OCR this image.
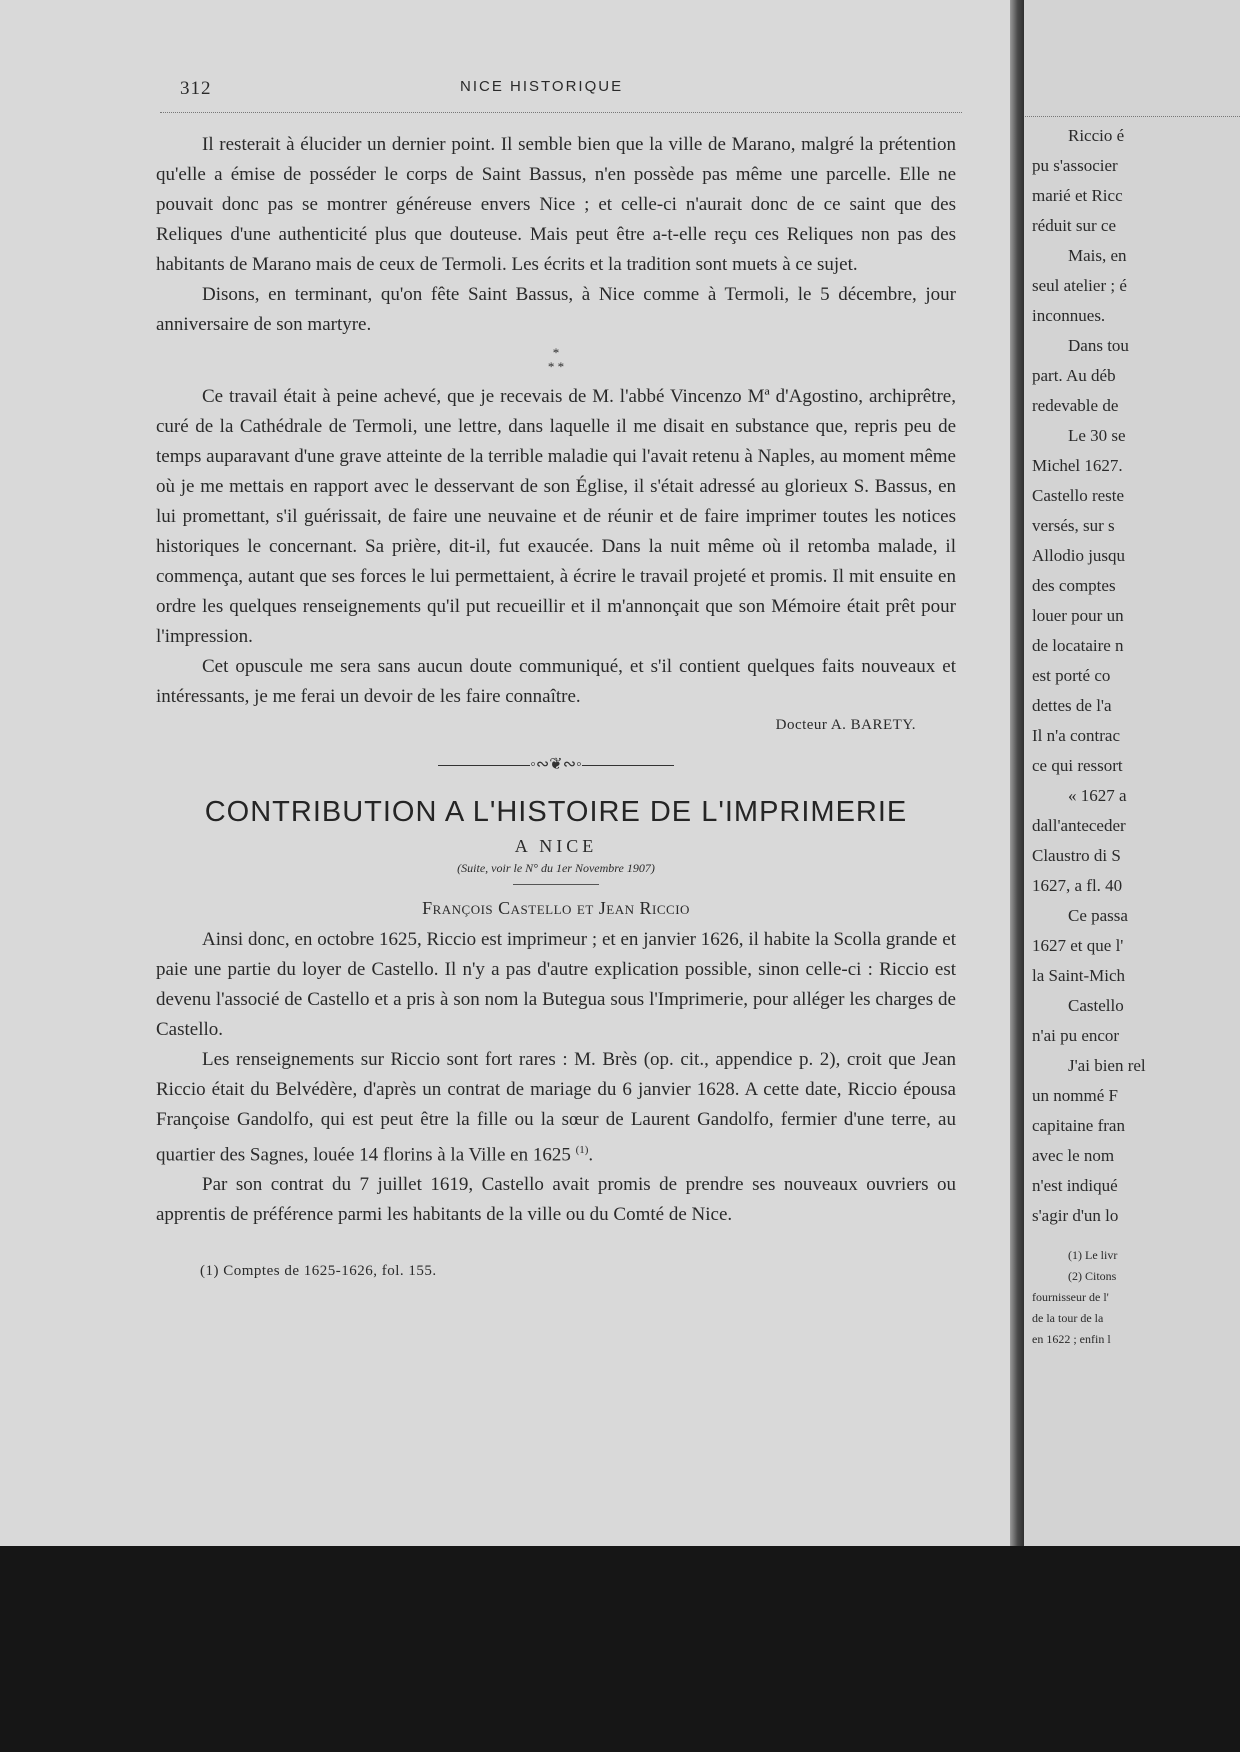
312	NICE HISTORIQUE

Il resterait à élucider un dernier point. Il semble bien que la ville de Marano, malgré la prétention qu'elle a émise de posséder le corps de Saint Bassus, n'en possède pas même une parcelle. Elle ne pouvait donc pas se montrer généreuse envers Nice ; et celle-ci n'aurait donc de ce saint que des Reliques d'une authenticité plus que douteuse. Mais peut être a-t-elle reçu ces Reliques non pas des habitants de Marano mais de ceux de Termoli. Les écrits et la tradition sont muets à ce sujet.

Disons, en terminant, qu'on fête Saint Bassus, à Nice comme à Termoli, le 5 décembre, jour anniversaire de son martyre.

*
* *

Ce travail était à peine achevé, que je recevais de M. l'abbé Vincenzo Mª d'Agostino, archiprêtre, curé de la Cathédrale de Termoli, une lettre, dans laquelle il me disait en substance que, repris peu de temps auparavant d'une grave atteinte de la terrible maladie qui l'avait retenu à Naples, au moment même où je me mettais en rapport avec le desservant de son Église, il s'était adressé au glorieux S. Bassus, en lui promettant, s'il guérissait, de faire une neuvaine et de réunir et de faire imprimer toutes les notices historiques le concernant. Sa prière, dit-il, fut exaucée. Dans la nuit même où il retomba malade, il commença, autant que ses forces le lui permettaient, à écrire le travail projeté et promis. Il mit ensuite en ordre les quelques renseignements qu'il put recueillir et il m'annonçait que son Mémoire était prêt pour l'impression.

Cet opuscule me sera sans aucun doute communiqué, et s'il contient quelques faits nouveaux et intéressants, je me ferai un devoir de les faire connaître.

Docteur A. BARETY.
◦∾❦∾◦
CONTRIBUTION A L'HISTOIRE DE L'IMPRIMERIE
A NICE
(Suite, voir le N° du 1er Novembre 1907)
François Castello et Jean Riccio

Ainsi donc, en octobre 1625, Riccio est imprimeur ; et en janvier 1626, il habite la Scolla grande et paie une partie du loyer de Castello. Il n'y a pas d'autre explication possible, sinon celle-ci : Riccio est devenu l'associé de Castello et a pris à son nom la Butegua sous l'Imprimerie, pour alléger les charges de Castello.

Les renseignements sur Riccio sont fort rares : M. Brès (op. cit., appendice p. 2), croit que Jean Riccio était du Belvédère, d'après un contrat de mariage du 6 janvier 1628. A cette date, Riccio épousa Françoise Gandolfo, qui est peut être la fille ou la sœur de Laurent Gandolfo, fermier d'une terre, au quartier des Sagnes, louée 14 florins à la Ville en 1625 $^{(1)}$.

Par son contrat du 7 juillet 1619, Castello avait promis de prendre ses nouveaux ouvriers ou apprentis de préférence parmi les habitants de la ville ou du Comté de Nice.

(1) Comptes de 1625-1626, fol. 155.
Riccio é
pu s'associer
marié et Ricc
réduit sur ce
Mais, en
seul atelier ; é
inconnues.
Dans tou
part. Au déb
redevable de
Le 30 se
Michel 1627.
Castello reste
versés, sur s
Allodio jusqu
des comptes
louer pour un
de locataire n
est porté co
dettes de l'a
Il n'a contrac
ce qui ressort
« 1627 a
dall'anteceder
Claustro di S
1627, a fl. 40
Ce passa
1627 et que l'
la Saint-Mich
Castello
n'ai pu encor
J'ai bien rel
un nommé F
capitaine fran
avec le nom
n'est indiqué
s'agir d'un lo
(1) Le livr
(2) Citons
fournisseur de l'
de la tour de la
en 1622 ; enfin l
